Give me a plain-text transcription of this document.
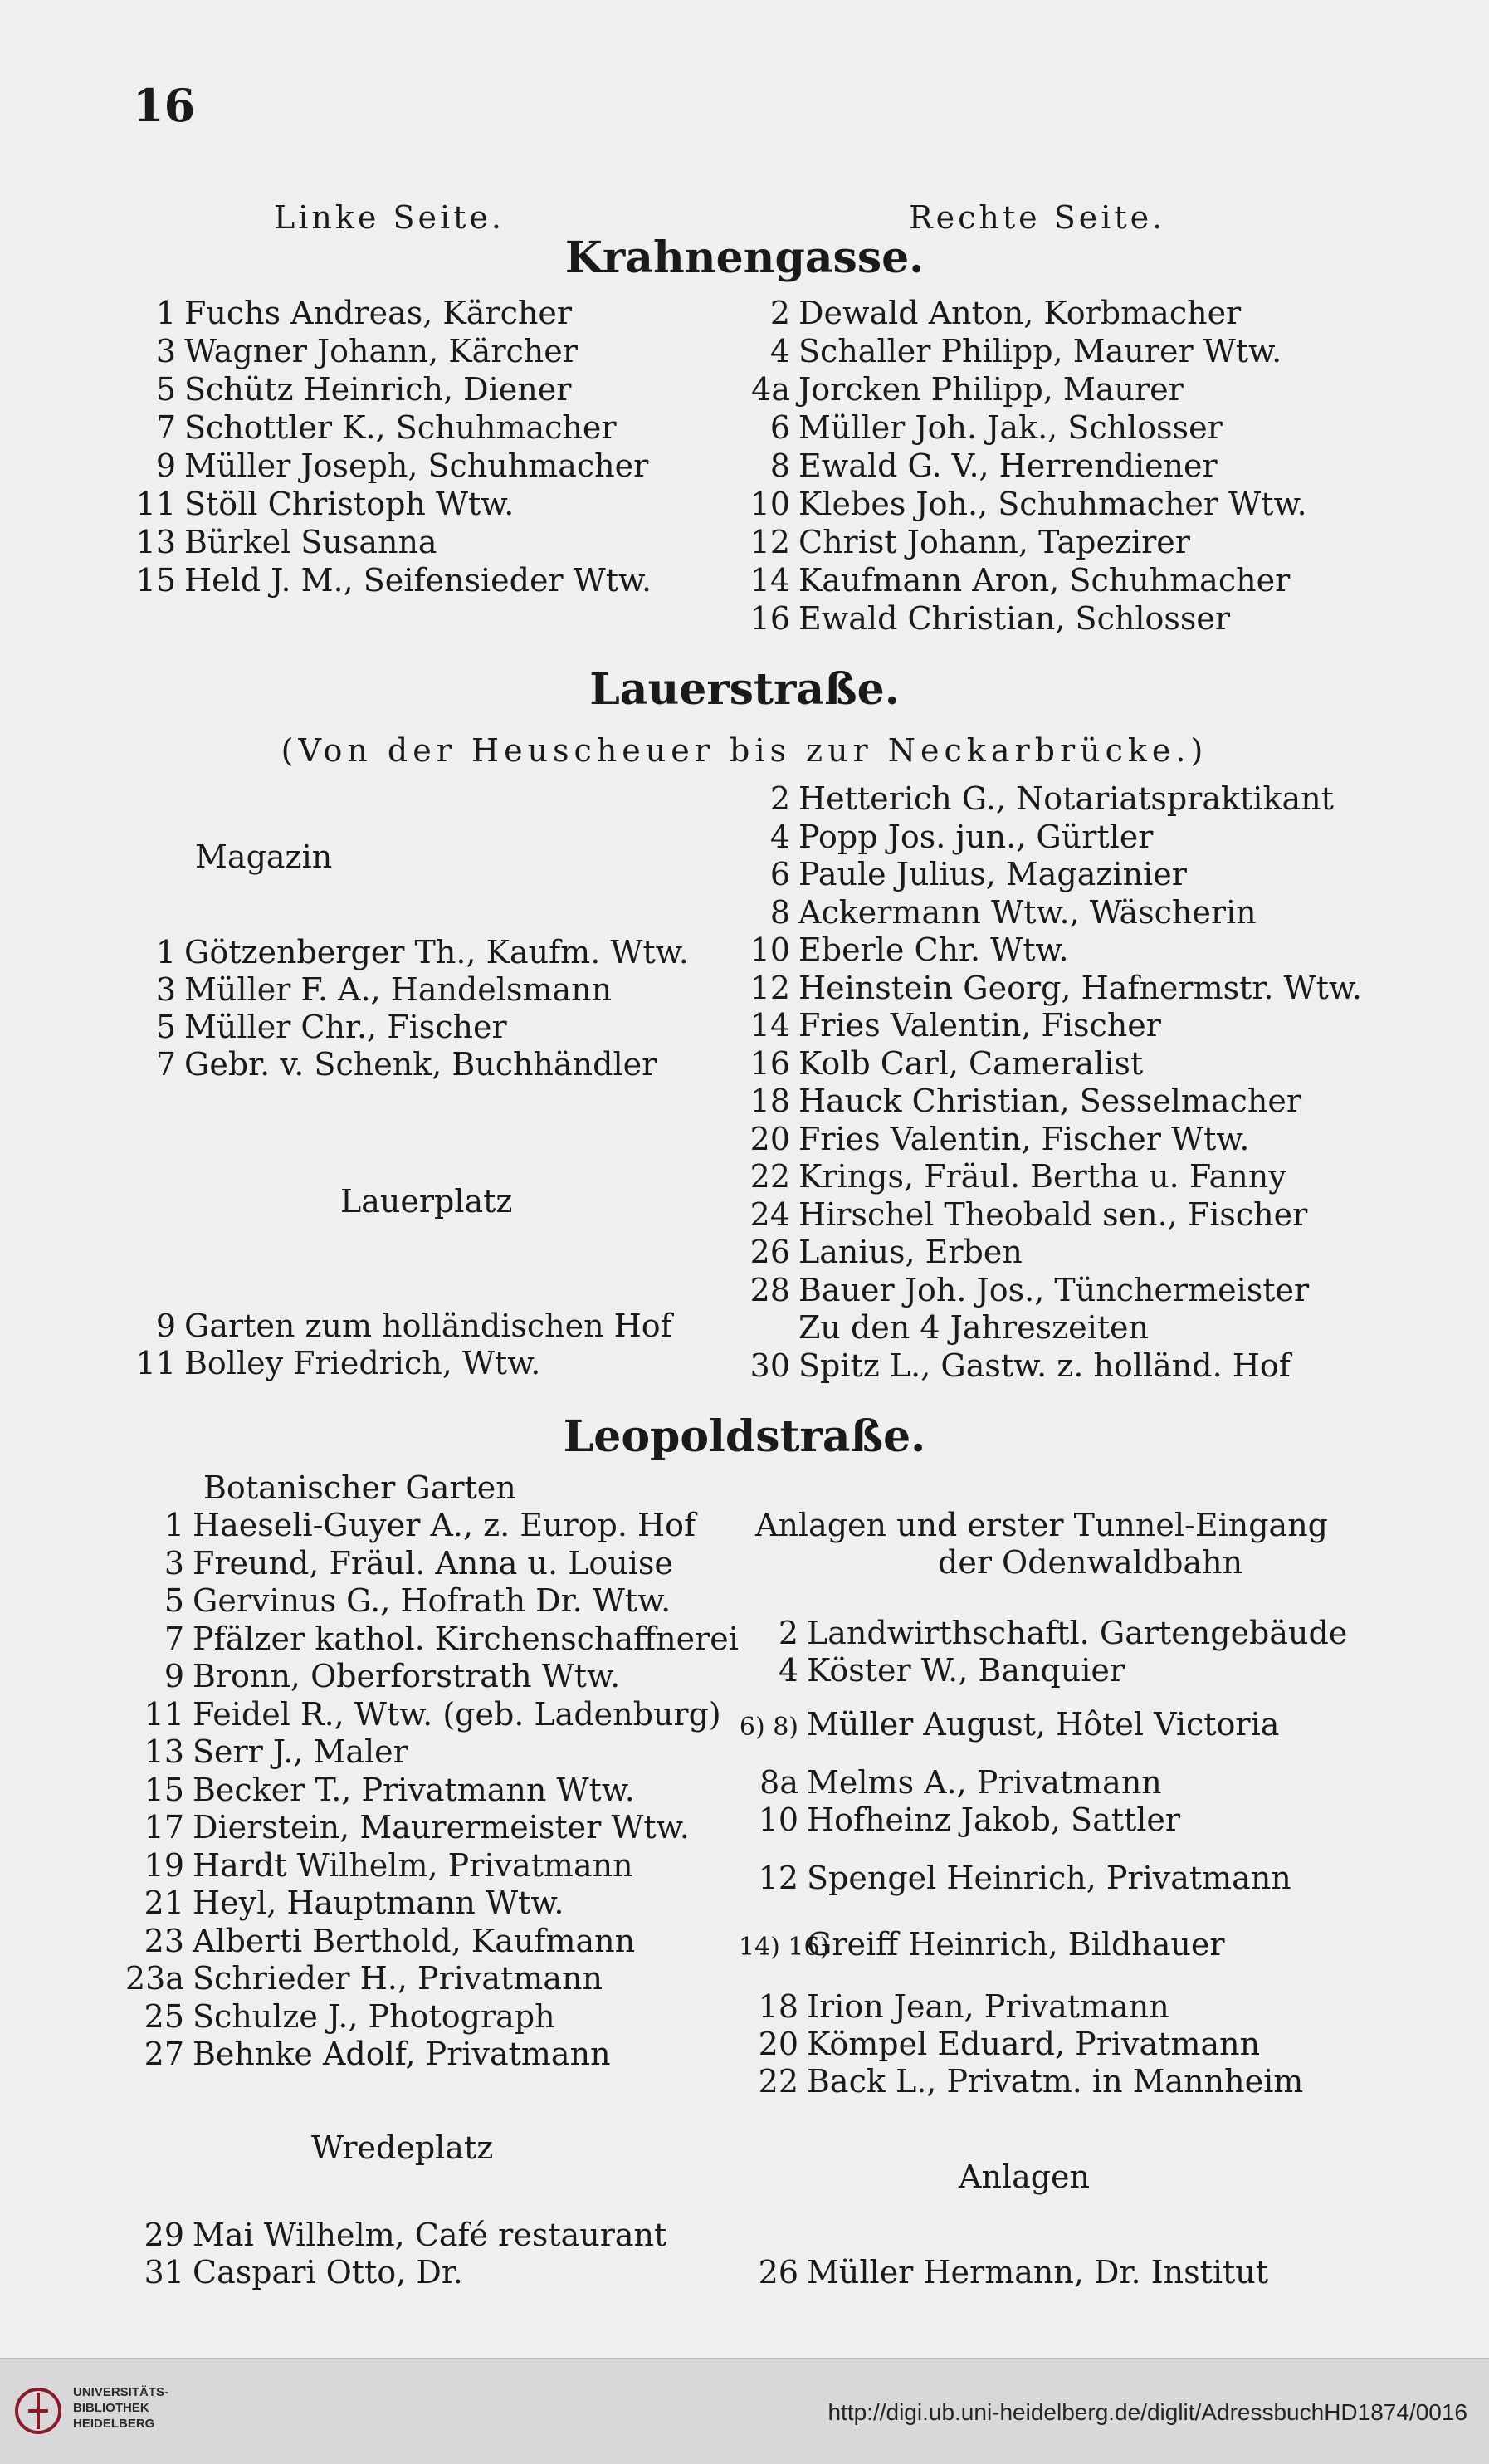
16
Linke Seite.	Rechte Seite.
Krahnengasse.
1 Fuchs Andreas, Kärcher
3 Wagner Johann, Kärcher
5 Schütz Heinrich, Diener
7 Schottler K., Schuhmacher
9 Müller Joseph, Schuhmacher
11 Stöll Christoph Wtw.
13 Bürkel Susanna
15 Held J. M., Seifensieder Wtw.
2 Dewald Anton, Korbmacher
4 Schaller Philipp, Maurer Wtw.
4a Jorcken Philipp, Maurer
6 Müller Joh. Jak., Schlosser
8 Ewald G. V., Herrendiener
10 Klebes Joh., Schuhmacher Wtw.
12 Christ Johann, Tapezirer
14 Kaufmann Aron, Schuhmacher
16 Ewald Christian, Schlosser
Lauerstraße.
(Von der Heuscheuer bis zur Neckarbrücke.)
Magazin
Lauerplatz
1 Götzenberger Th., Kaufm. Wtw.
3 Müller F. A., Handelsmann
5 Müller Chr., Fischer
7 Gebr. v. Schenk, Buchhändler
9 Garten zum holländischen Hof
11 Bolley Friedrich, Wtw.
2 Hetterich G., Notariatspraktikant
4 Popp Jos. jun., Gürtler
6 Paule Julius, Magazinier
8 Ackermann Wtw., Wäscherin
10 Eberle Chr. Wtw.
12 Heinstein Georg, Hafnermstr. Wtw.
14 Fries Valentin, Fischer
16 Kolb Carl, Cameralist
18 Hauck Christian, Sesselmacher
20 Fries Valentin, Fischer Wtw.
22 Krings, Fräul. Bertha u. Fanny
24 Hirschel Theobald sen., Fischer
26 Lanius, Erben
28 Bauer Joh. Jos., Tünchermeister
Zu den 4 Jahreszeiten
30 Spitz L., Gastw. z. holländ. Hof
Leopoldstraße.
Botanischer Garten
Anlagen und erster Tunnel-Eingang
der Odenwaldbahn
Wredeplatz
Anlagen
1 Haeseli-Guyer A., z. Europ. Hof
3 Freund, Fräul. Anna u. Louise
5 Gervinus G., Hofrath Dr. Wtw.
7 Pfälzer kathol. Kirchenschaffnerei
9 Bronn, Oberforstrath Wtw.
11 Feidel R., Wtw. (geb. Ladenburg)
13 Serr J., Maler
15 Becker T., Privatmann Wtw.
17 Dierstein, Maurermeister Wtw.
19 Hardt Wilhelm, Privatmann
21 Heyl, Hauptmann Wtw.
23 Alberti Berthold, Kaufmann
23a Schrieder H., Privatmann
25 Schulze J., Photograph
27 Behnke Adolf, Privatmann
29 Mai Wilhelm, Café restaurant
31 Caspari Otto, Dr.
2 Landwirthschaftl. Gartengebäude
4 Köster W., Banquier
6) 8) Müller August, Hôtel Victoria
8a Melms A., Privatmann
10 Hofheinz Jakob, Sattler
12 Spengel Heinrich, Privatmann
14) 16)Greiff Heinrich, Bildhauer
18 Irion Jean, Privatmann
20 Kömpel Eduard, Privatmann
22 Back L., Privatm. in Mannheim
26 Müller Hermann, Dr. Institut
UNIVERSITÄTS-
BIBLIOTHEK
HEIDELBERG	http://digi.ub.uni-heidelberg.de/diglit/AdressbuchHD1874/0016
